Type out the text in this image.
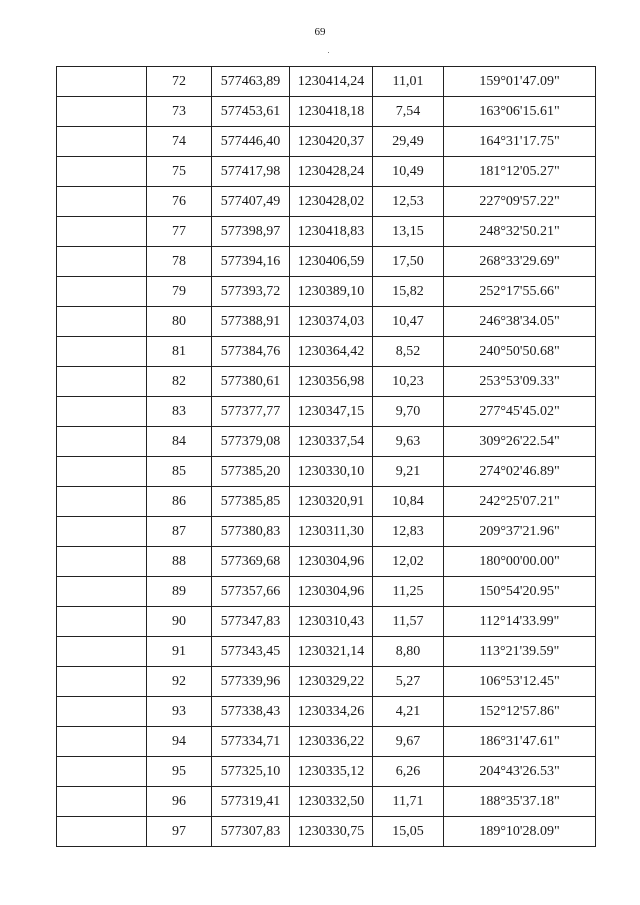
69
	72	577463,89	1230414,24	11,01	159°01'47.09"
	73	577453,61	1230418,18	7,54	163°06'15.61"
	74	577446,40	1230420,37	29,49	164°31'17.75"
	75	577417,98	1230428,24	10,49	181°12'05.27"
	76	577407,49	1230428,02	12,53	227°09'57.22"
	77	577398,97	1230418,83	13,15	248°32'50.21"
	78	577394,16	1230406,59	17,50	268°33'29.69"
	79	577393,72	1230389,10	15,82	252°17'55.66"
	80	577388,91	1230374,03	10,47	246°38'34.05"
	81	577384,76	1230364,42	8,52	240°50'50.68"
	82	577380,61	1230356,98	10,23	253°53'09.33"
	83	577377,77	1230347,15	9,70	277°45'45.02"
	84	577379,08	1230337,54	9,63	309°26'22.54"
	85	577385,20	1230330,10	9,21	274°02'46.89"
	86	577385,85	1230320,91	10,84	242°25'07.21"
	87	577380,83	1230311,30	12,83	209°37'21.96"
	88	577369,68	1230304,96	12,02	180°00'00.00"
	89	577357,66	1230304,96	11,25	150°54'20.95"
	90	577347,83	1230310,43	11,57	112°14'33.99"
	91	577343,45	1230321,14	8,80	113°21'39.59"
	92	577339,96	1230329,22	5,27	106°53'12.45"
	93	577338,43	1230334,26	4,21	152°12'57.86"
	94	577334,71	1230336,22	9,67	186°31'47.61"
	95	577325,10	1230335,12	6,26	204°43'26.53"
	96	577319,41	1230332,50	11,71	188°35'37.18"
	97	577307,83	1230330,75	15,05	189°10'28.09"
